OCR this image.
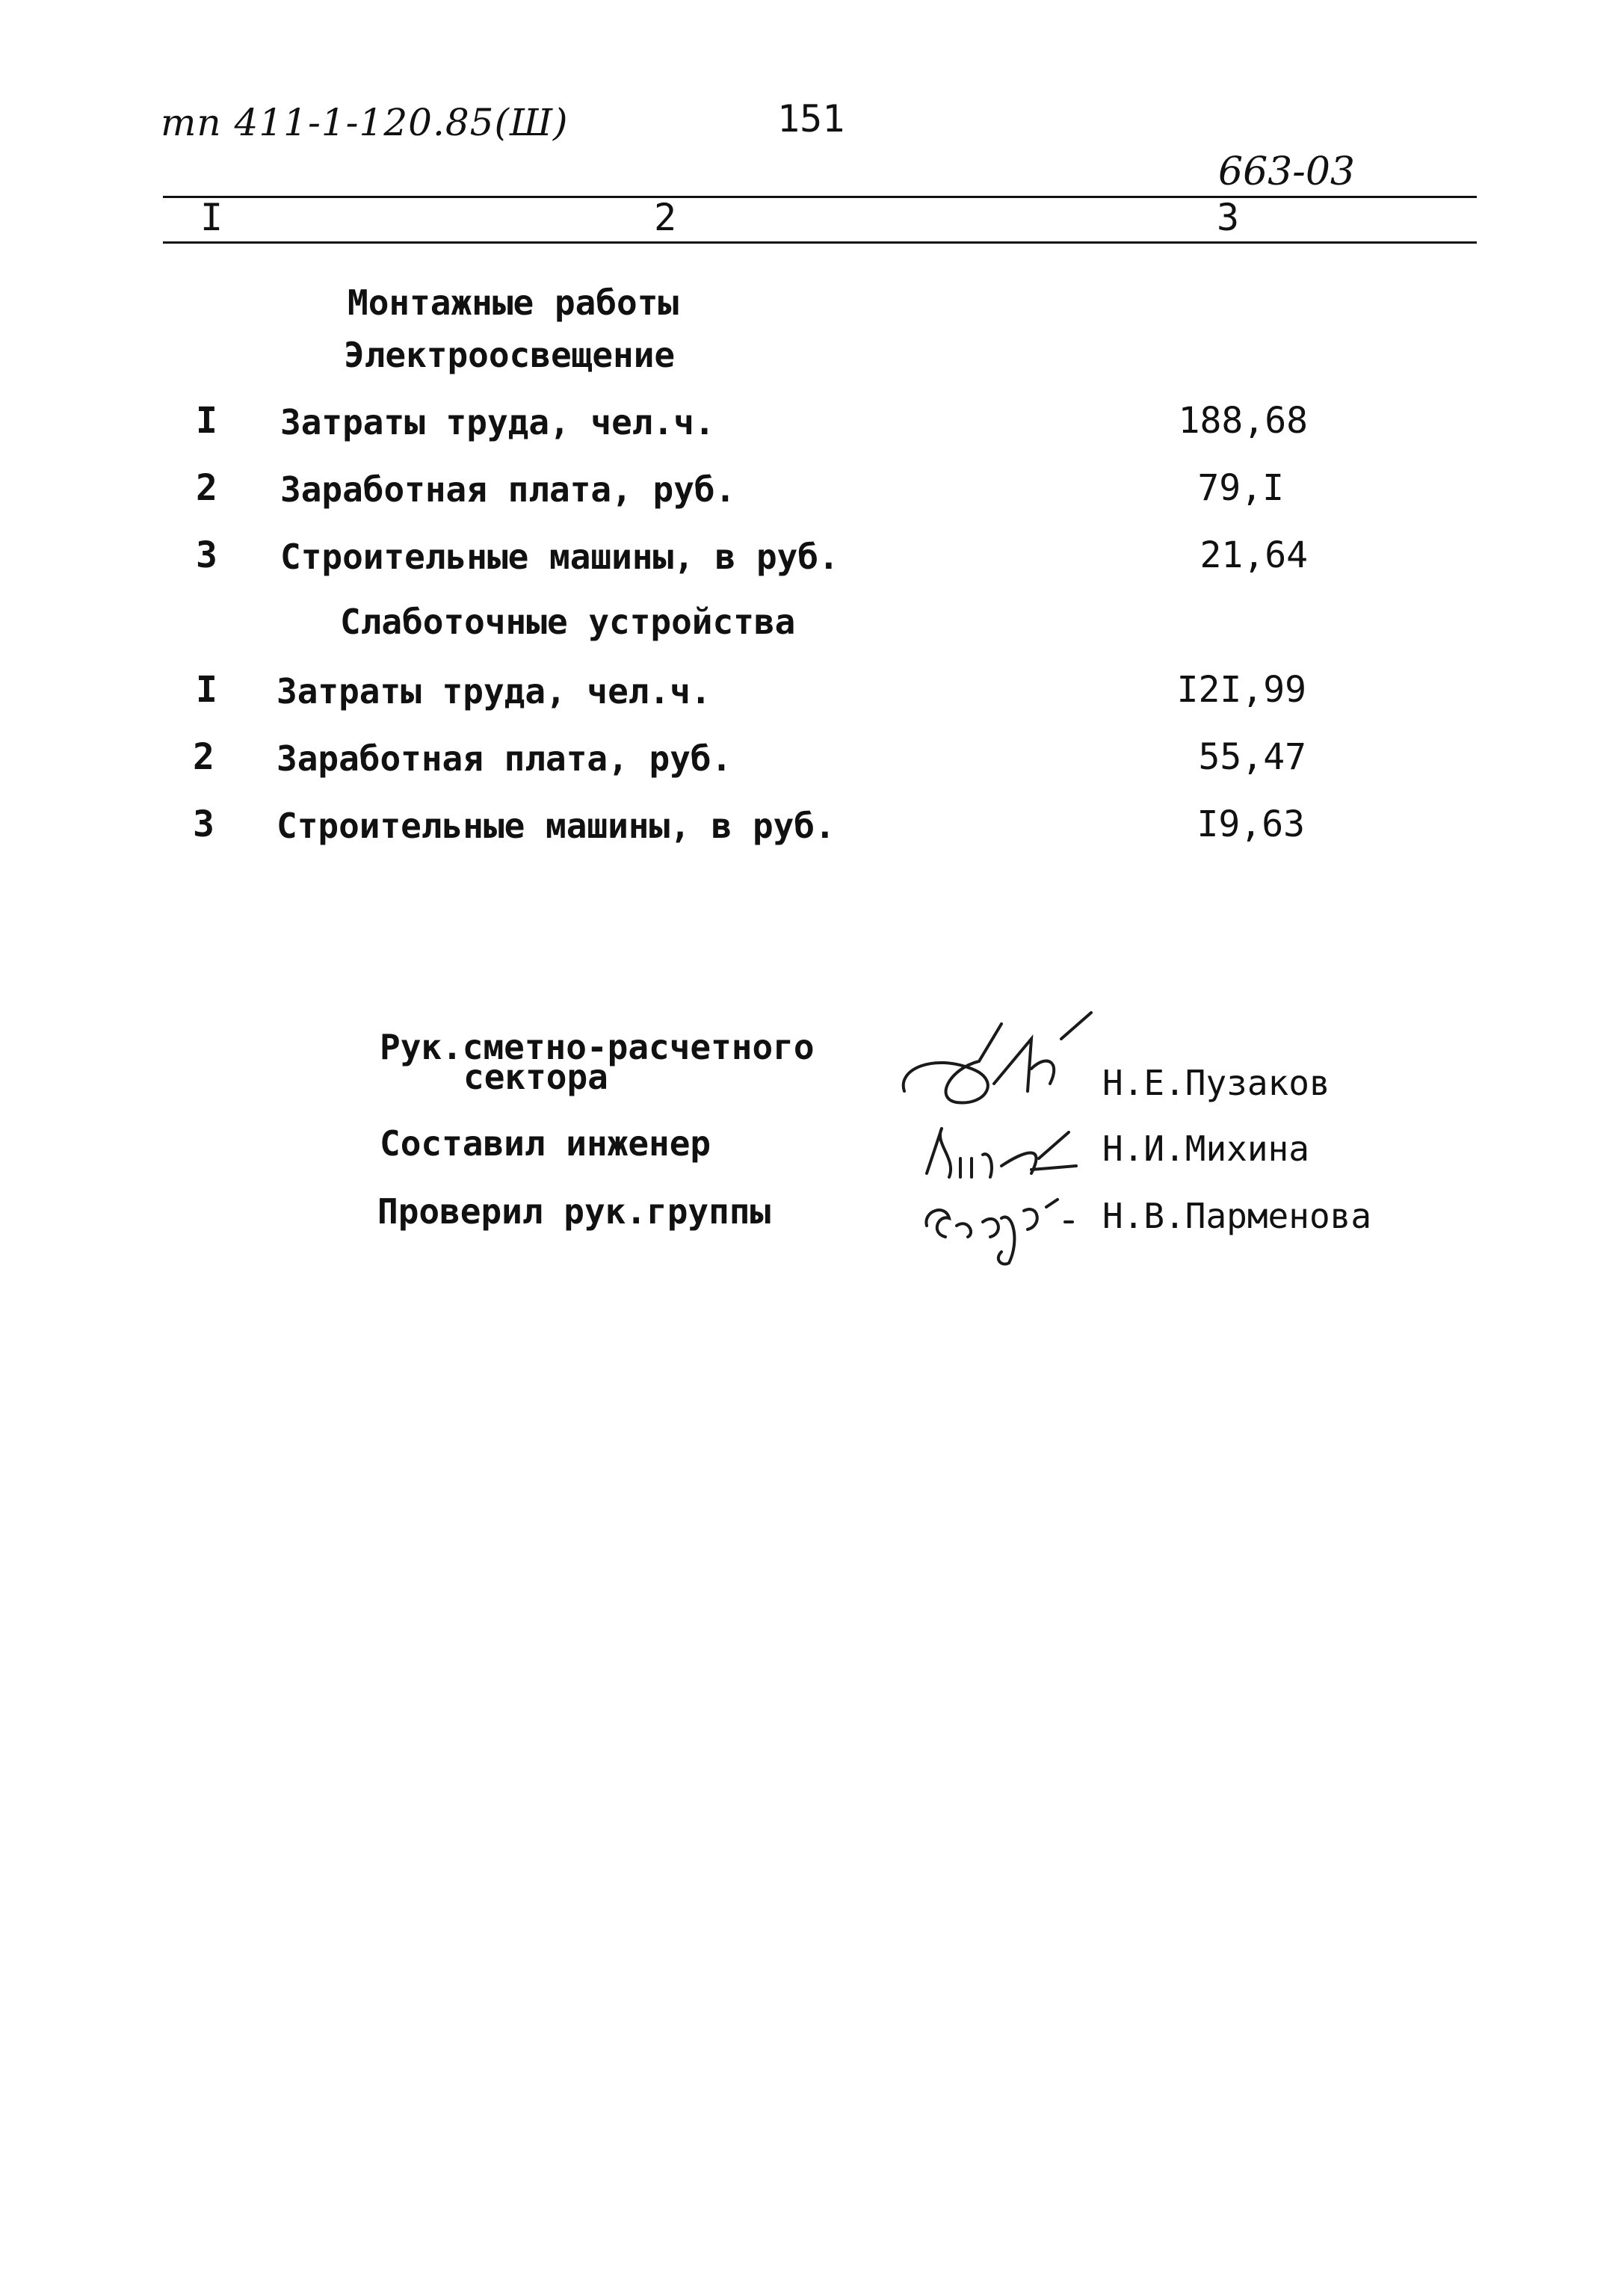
тп 411-1-120.85(Ш)	151
663-03
I	2	3
Монтажные работы
Электроосвещение
I Затраты труда, чел.ч.	188,68
2 Заработная плата, руб.	79,I
3 Строительные машины, в руб.	21,64
Слаботочные устройства
I Затраты труда, чел.ч.	I2I,99
2 Заработная плата, руб.	55,47
3 Строительные машины, в руб.	I9,63
Рук.сметно-расчетного
сектора	Н.Е.Пузаков
Составил инженер	Н.И.Михина
Проверил рук.группы	Н.В.Парменова
